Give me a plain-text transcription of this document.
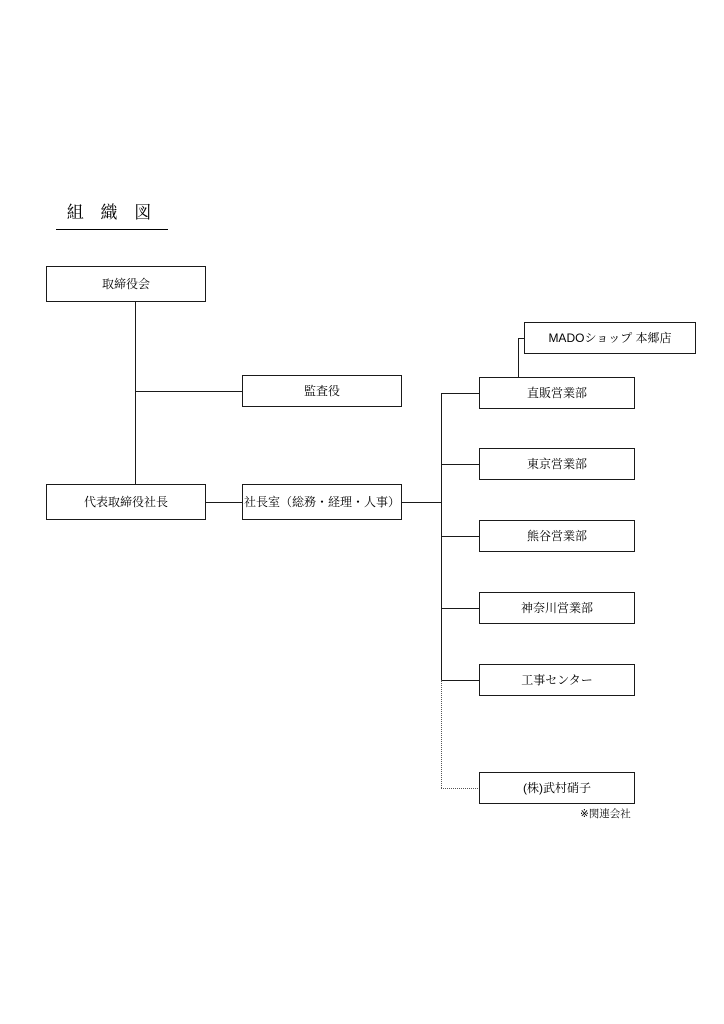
組 織 図
取締役会
監査役
代表取締役社長	社長室（総務・経理・人事）
MADOショップ 本郷店
直販営業部
東京営業部
熊谷営業部
神奈川営業部
工事センター
(株)武村硝子
※関連会社
